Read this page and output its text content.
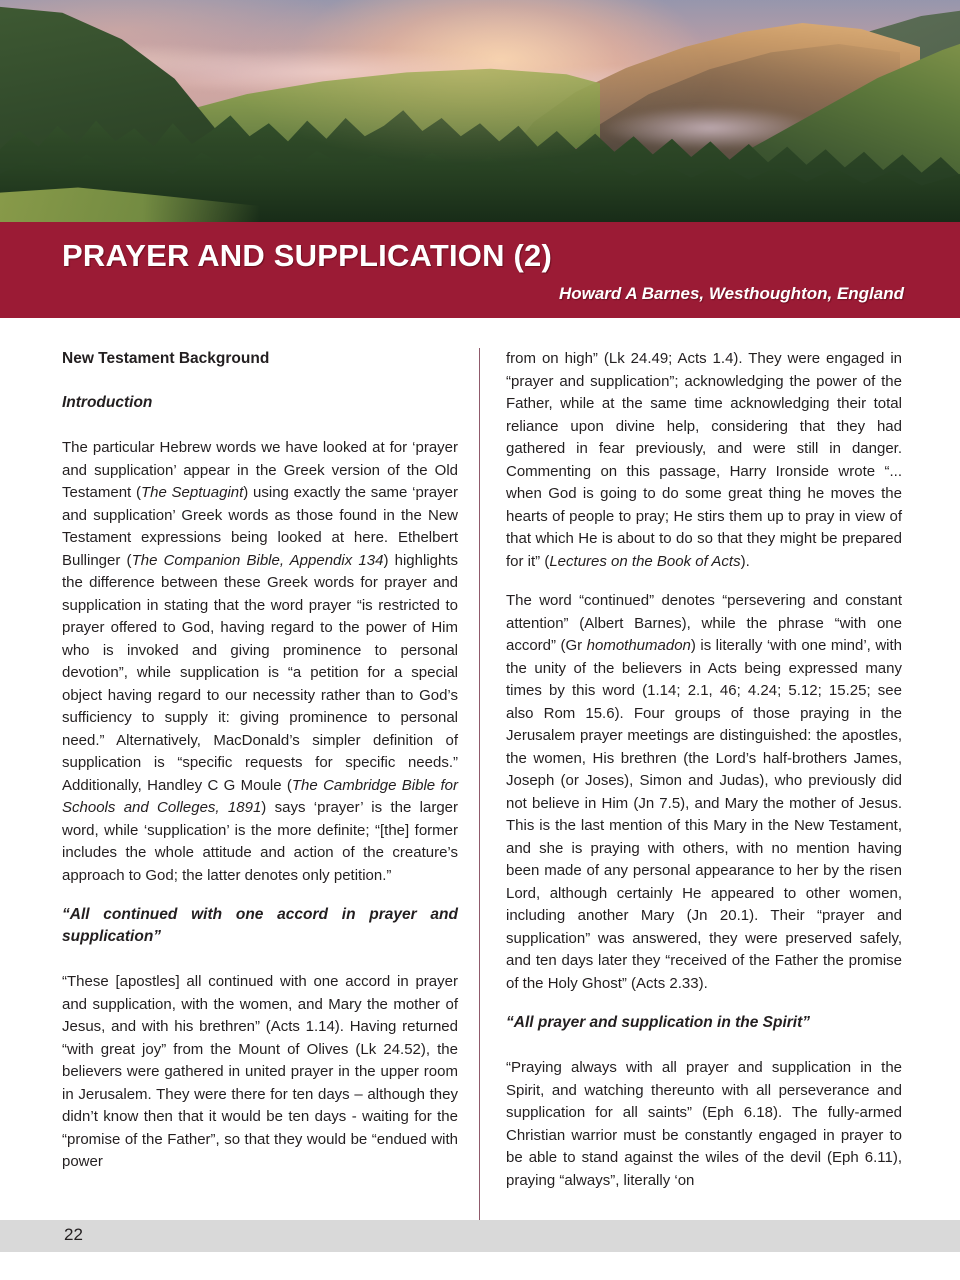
PRAYER AND SUPPLICATION (2)
Howard A Barnes, Westhoughton, England
New Testament Background
Introduction

The particular Hebrew words we have looked at for ‘prayer and supplication’ appear in the Greek version of the Old Testament (The Septuagint) using exactly the same ‘prayer and supplication’ Greek words as those found in the New Testament expressions being looked at here. Ethelbert Bullinger (The Companion Bible, Appendix 134) highlights the difference between these Greek words for prayer and supplication in stating that the word prayer “is restricted to prayer offered to God, having regard to the power of Him who is invoked and giving prominence to personal devotion”, while supplication is “a petition for a special object having regard to our necessity rather than to God’s sufficiency to supply it: giving prominence to personal need.” Alternatively, MacDonald’s simpler definition of supplication is “specific requests for specific needs.” Additionally, Handley C G Moule (The Cambridge Bible for Schools and Colleges, 1891) says ‘prayer’ is the larger word, while ‘supplication’ is the more definite; “[the] former includes the whole attitude and action of the creature’s approach to God; the latter denotes only petition.”

“All continued with one accord in prayer and supplication”

“These [apostles] all continued with one accord in prayer and supplication, with the women, and Mary the mother of Jesus, and with his brethren” (Acts 1.14). Having returned “with great joy” from the Mount of Olives (Lk 24.52), the believers were gathered in united prayer in the upper room in Jerusalem. They were there for ten days – although they didn’t know then that it would be ten days - waiting for the “promise of the Father”, so that they would be “endued with power

from on high” (Lk 24.49; Acts 1.4). They were engaged in “prayer and supplication”; acknowledging the power of the Father, while at the same time acknowledging their total reliance upon divine help, considering that they had gathered in fear previously, and were still in danger. Commenting on this passage, Harry Ironside wrote “... when God is going to do some great thing he moves the hearts of people to pray; He stirs them up to pray in view of that which He is about to do so that they might be prepared for it” (Lectures on the Book of Acts).

The word “continued” denotes “persevering and constant attention” (Albert Barnes), while the phrase “with one accord” (Gr homothumadon) is literally ‘with one mind’, with the unity of the believers in Acts being expressed many times by this word (1.14; 2.1, 46; 4.24; 5.12; 15.25; see also Rom 15.6). Four groups of those praying in the Jerusalem prayer meetings are distinguished: the apostles, the women, His brethren (the Lord’s half-brothers James, Joseph (or Joses), Simon and Judas), who previously did not believe in Him (Jn 7.5), and Mary the mother of Jesus. This is the last mention of this Mary in the New Testament, and she is praying with others, with no mention having been made of any personal appearance to her by the risen Lord, although certainly He appeared to other women, including another Mary (Jn 20.1). Their “prayer and supplication” was answered, they were preserved safely, and ten days later they “received of the Father the promise of the Holy Ghost” (Acts 2.33).

“All prayer and supplication in the Spirit”

“Praying always with all prayer and supplication in the Spirit, and watching thereunto with all perseverance and supplication for all saints” (Eph 6.18). The fully-armed Christian warrior must be constantly engaged in prayer to be able to stand against the wiles of the devil (Eph 6.11), praying “always”, literally ‘on

22
